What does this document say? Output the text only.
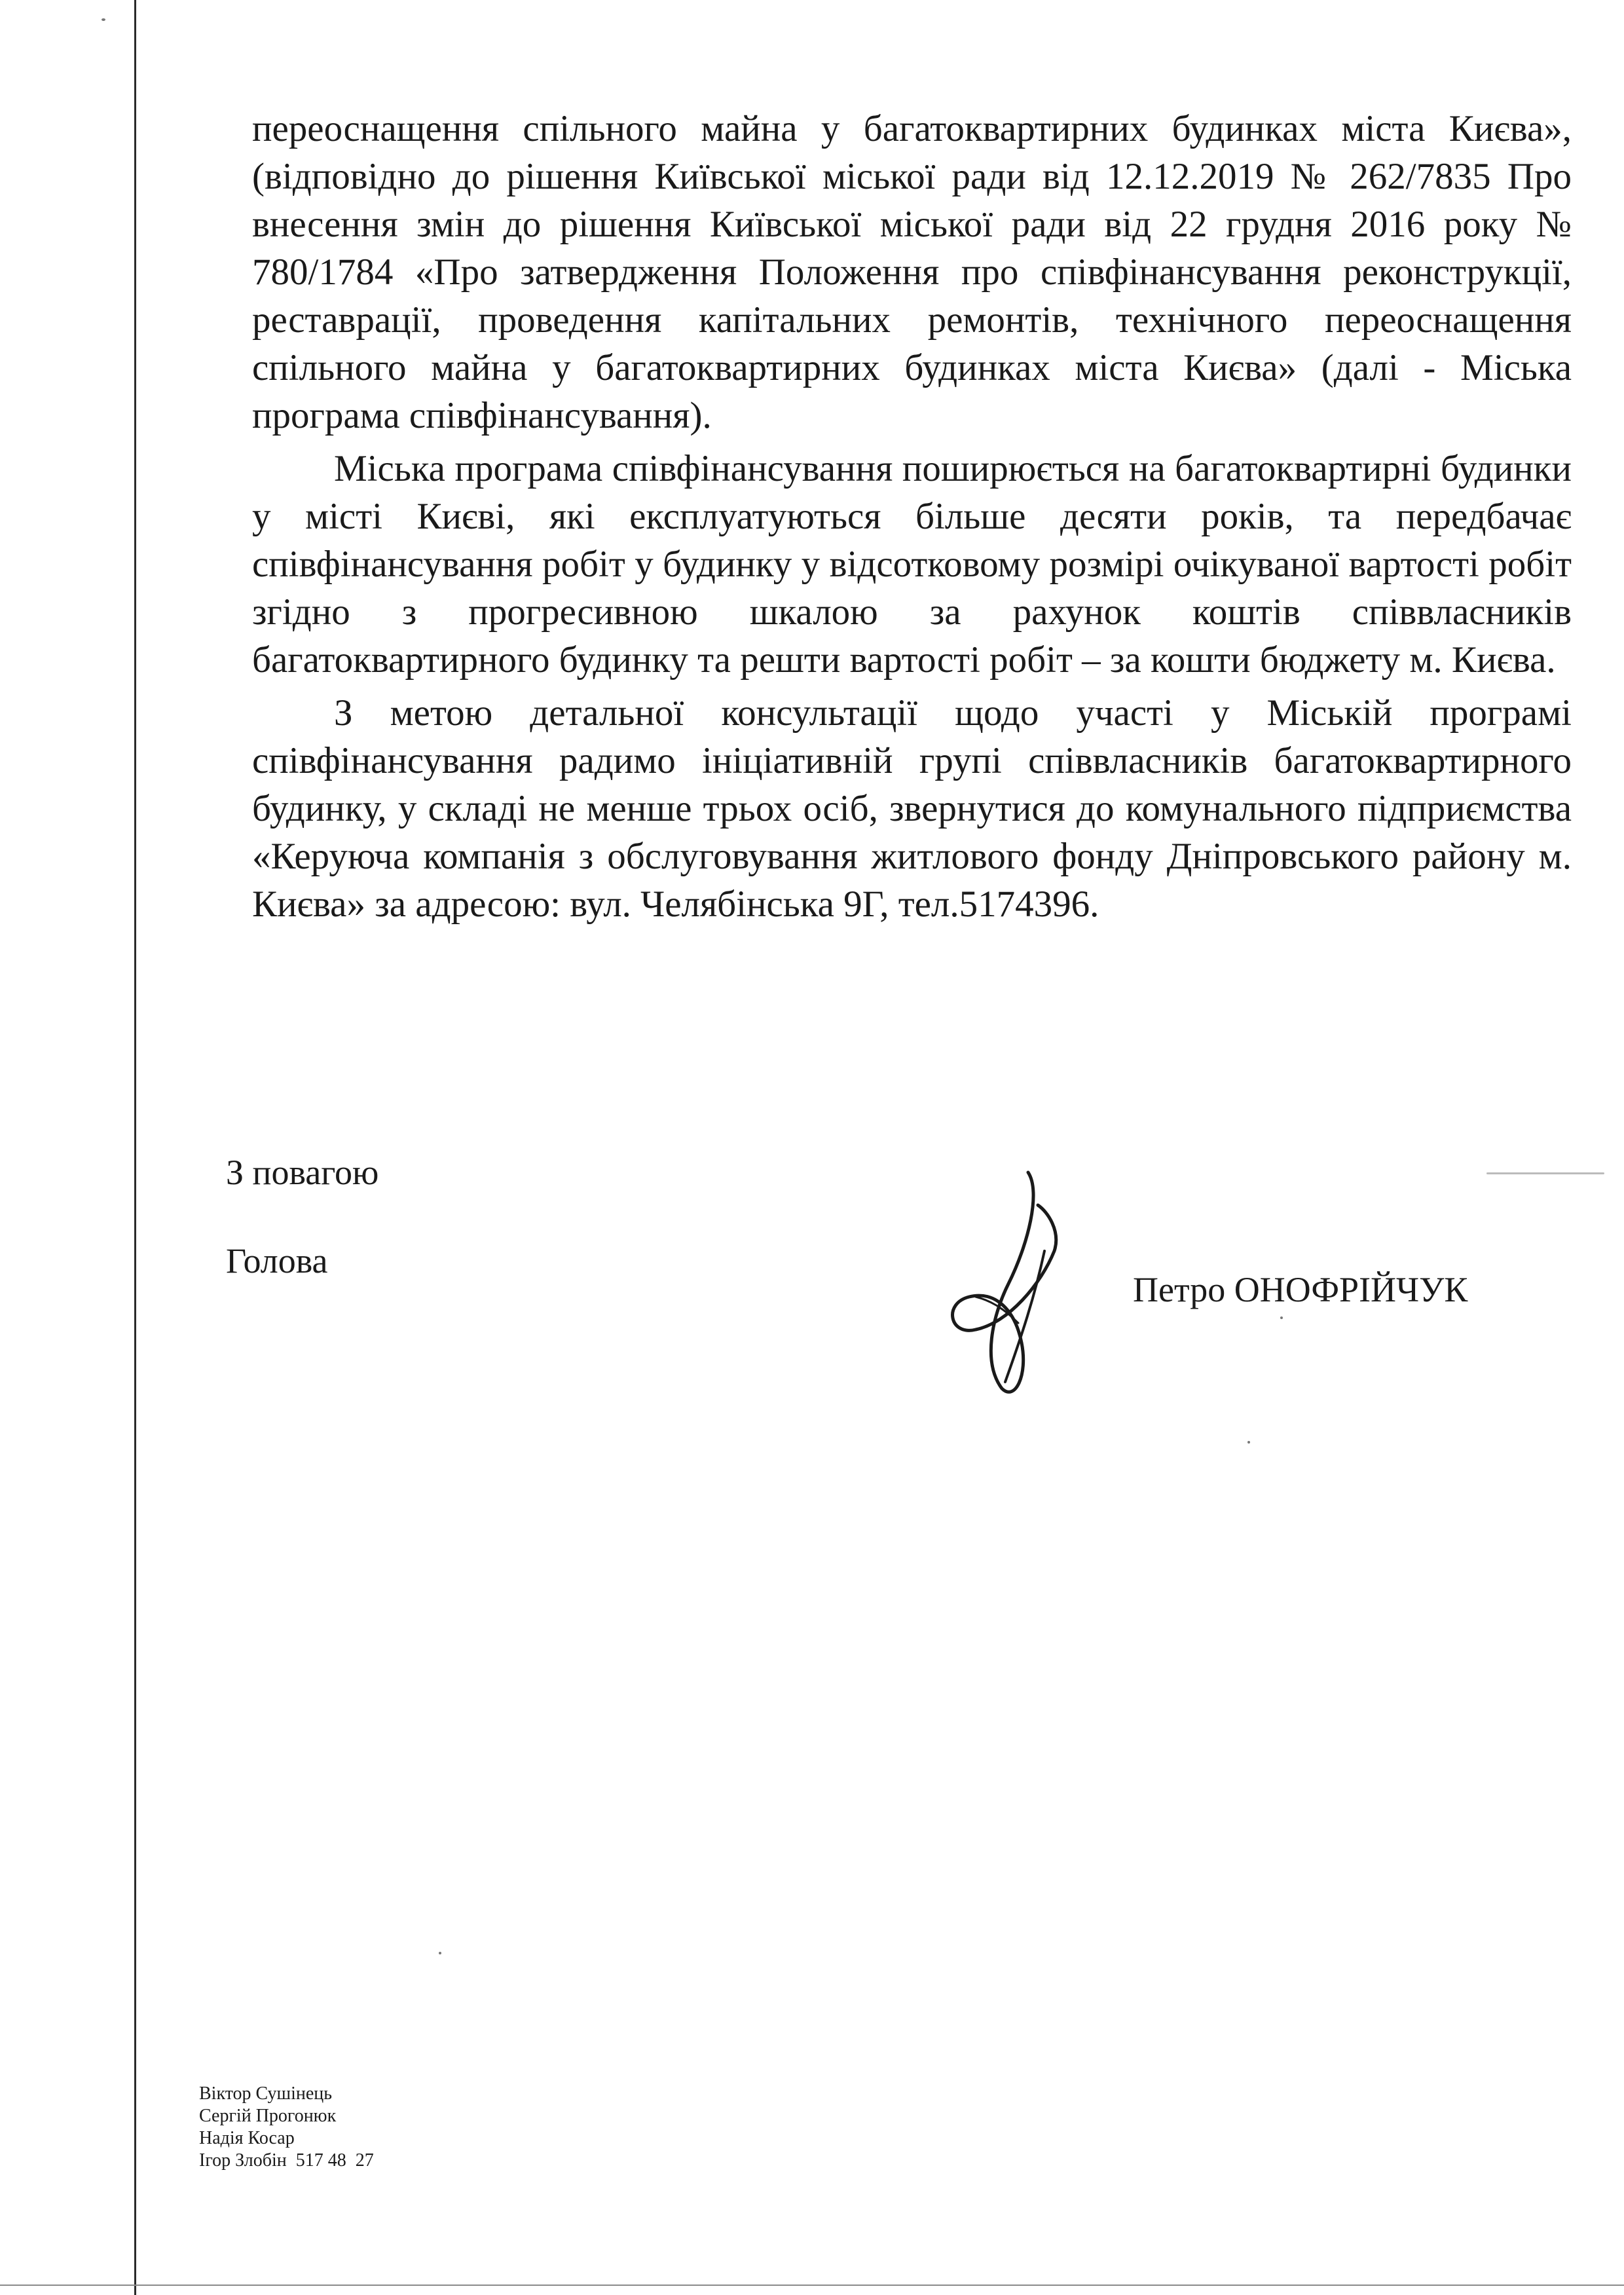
переоснащення спільного майна у багатоквартирних будинках міста Києва», (відповідно до рішення Київської міської ради від 12.12.2019 № 262/7835 Про внесення змін до рішення Київської міської ради від 22 грудня 2016 року № 780/1784 «Про затвердження Положення про співфінансування реконструкції, реставрації, проведення капітальних ремонтів, технічного переоснащення спільного майна у багатоквартирних будинках міста Києва» (далі - Міська програма співфінансування).

Міська програма співфінансування поширюється на багатоквартирні будинки у місті Києві, які експлуатуються більше десяти років, та передбачає співфінансування робіт у будинку у відсотковому розмірі очікуваної вартості робіт згідно з прогресивною шкалою за рахунок коштів співвласників багатоквартирного будинку та решти вартості робіт – за кошти бюджету м. Києва.

З метою детальної консультації щодо участі у Міській програмі співфінансування радимо ініціативній групі співвласників багатоквартирного будинку, у складі не менше трьох осіб, звернутися до комунального підприємства «Керуюча компанія з обслуговування житлового фонду Дніпровського району м. Києва» за адресою: вул. Челябінська 9Г, тел.5174396.

З повагою
Голова
Петро ОНОФРІЙЧУК
Віктор Сушінець
Сергій Прогонюк
Надія Косар
Ігор Злобін  517 48  27
